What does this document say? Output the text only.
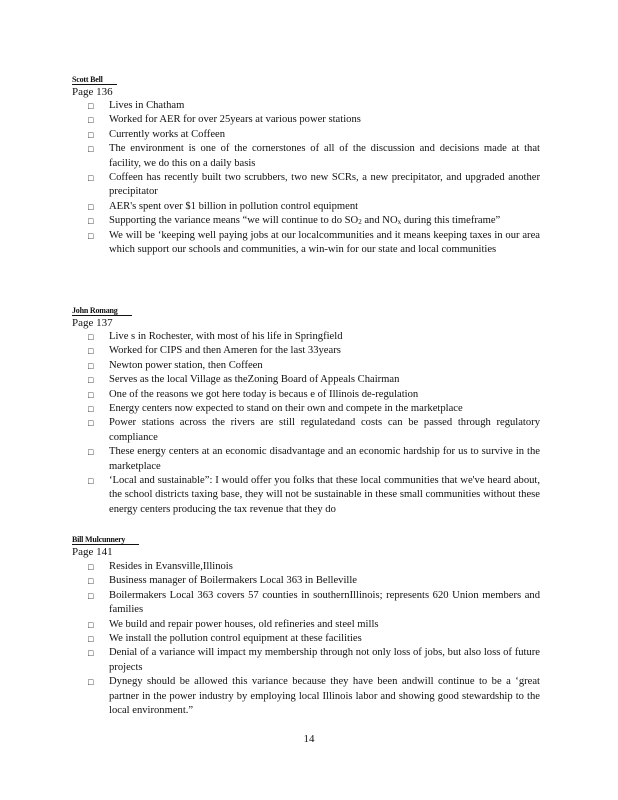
Scott Bell
Page 136
□ Lives in Chatham
□ Worked for AER for over 25years at various power stations
□ Currently works at Coffeen
□ The environment is one of the cornerstones of all of the discussion and decisions made at that facility, we do this on a daily basis
□ Coffeen has recently built two scrubbers, two new SCRs, a new precipitator, and upgraded another precipitator
□ AER's spent over $1 billion in pollution control equipment
□ Supporting the variance means “we will continue to do $SO_2$ and $NO_x$ during this timeframe”
□ We will be ‘keeping well paying jobs at our localcommunities and it means keeping taxes in our area which support our schools and communities, a win-win for our state and local communities
John Romang
Page 137
□ Live s in Rochester, with most of his life in Springfield
□ Worked for CIPS and then Ameren for the last 33years
□ Newton power station, then Coffeen
□ Serves as the local Village as theZoning Board of Appeals Chairman
□ One of the reasons we got here today is becaus e of Illinois de-regulation
□ Energy centers now expected to stand on their own and compete in the marketplace
□ Power stations across the rivers are still regulatedand costs can be passed through regulatory compliance
□ These energy centers at an economic disadvantage and an economic hardship for us to survive in the marketplace
□ ‘Local and sustainable”: I would offer you folks that these local communities that we've heard about, the school districts taxing base, they will not be sustainable in these small communities without these energy centers producing the tax revenue that they do
Bill Mulcunnery
Page 141
□ Resides in Evansville,Illinois
□ Business manager of Boilermakers Local 363 in Belleville
□ Boilermakers Local 363 covers 57 counties in southernIllinois; represents 620 Union members and families
□ We build and repair power houses, old refineries and steel mills
□ We install the pollution control equipment at these facilities
□ Denial of a variance will impact my membership through not only loss of jobs, but also loss of future projects
□ Dynegy should be allowed this variance because they have been andwill continue to be a ‘great partner in the power industry by employing local Illinois labor and showing good stewardship to the local environment.”
14
